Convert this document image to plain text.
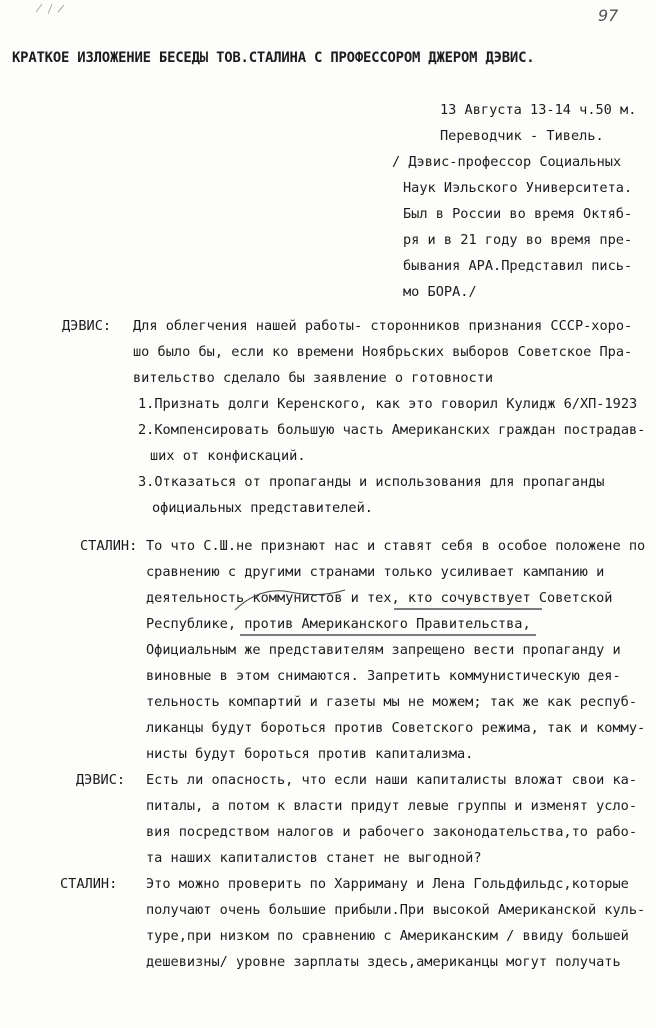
97
КРАТКОЕ ИЗЛОЖЕНИЕ БЕСЕДЫ ТОВ.СТАЛИНА С ПРОФЕССОРОМ ДЖЕРОМ ДЭВИС.
13 Августа 13-14 ч.50 м.
Переводчик - Тивель.
/ Дэвис-профессор Социальных
Наук Иэльского Университета.
Был в России во время Октяб-
ря и в 21 году во время пре-
бывания АРА.Представил пись-
мо БОРА./
ДЭВИС: Для облегчения нашей работы- сторонников признания СССР-хоро-
шо было бы, если ко времени Ноябрьских выборов Советское Пра-
вительство сделало бы заявление о готовности
1.Признать долги Керенского, как это говорил Кулидж 6/XП-1923
2.Компенсировать большую часть Американских граждан пострадав-
ших от конфискаций.
3.Отказаться от пропаганды и использования для пропаганды
официальных представителей.
СТАЛИН: То что С.Ш.не признают нас и ставят себя в особое положене по
сравнению с другими странами только усиливает кампанию и
деятельность коммунистов и тех, кто сочувствует Советской
Республике, против Американского Правительства,
Официальным же представителям запрещено вести пропаганду и
виновные в этом снимаются. Запретить коммунистическую дея-
тельность компартий и газеты мы не можем; так же как респуб-
ликанцы будут бороться против Советского режима, так и комму-
нисты будут бороться против капитализма.
ДЭВИС: Есть ли опасность, что если наши капиталисты вложат свои ка-
питалы, а потом к власти придут левые группы и изменят усло-
вия посредством налогов и рабочего законодательства,то рабо-
та наших капиталистов станет не выгодной?
СТАЛИН: Это можно проверить по Харриману и Лена Гольдфильдс,которые
получают очень большие прибыли.При высокой Американской куль-
туре,при низком по сравнению с Американским / ввиду большей
дешевизны/ уровне зарплаты здесь,американцы могут получать
